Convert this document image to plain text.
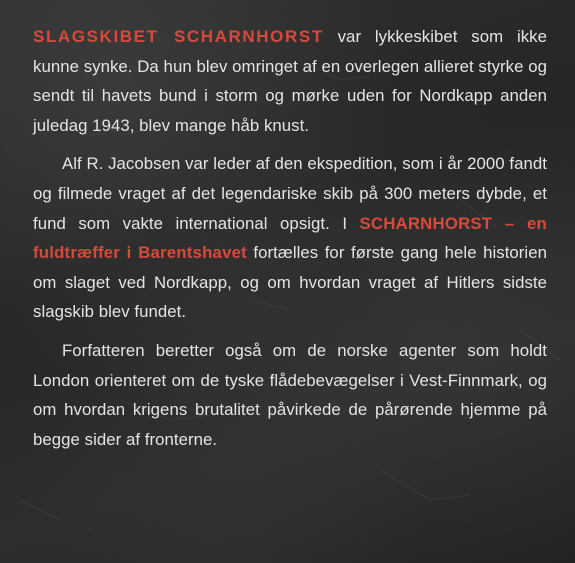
SLAGSKIBET SCHARNHORST var lykkeskibet som ikke kunne synke. Da hun blev omringet af en overlegen allieret styrke og sendt til havets bund i storm og mørke uden for Nordkapp anden juledag 1943, blev mange håb knust.

Alf R. Jacobsen var leder af den ekspedition, som i år 2000 fandt og filmede vraget af det legendariske skib på 300 meters dybde, et fund som vakte international opsigt. I SCHARNHORST – en fuldtræffer i Barentshavet fortælles for første gang hele historien om slaget ved Nordkapp, og om hvordan vraget af Hitlers sidste slagskib blev fundet.

Forfatteren beretter også om de norske agenter som holdt London orienteret om de tyske flådebevægelser i Vest-Finnmark, og om hvordan krigens brutalitet påvirkede de pårørende hjemme på begge sider af fronterne.
